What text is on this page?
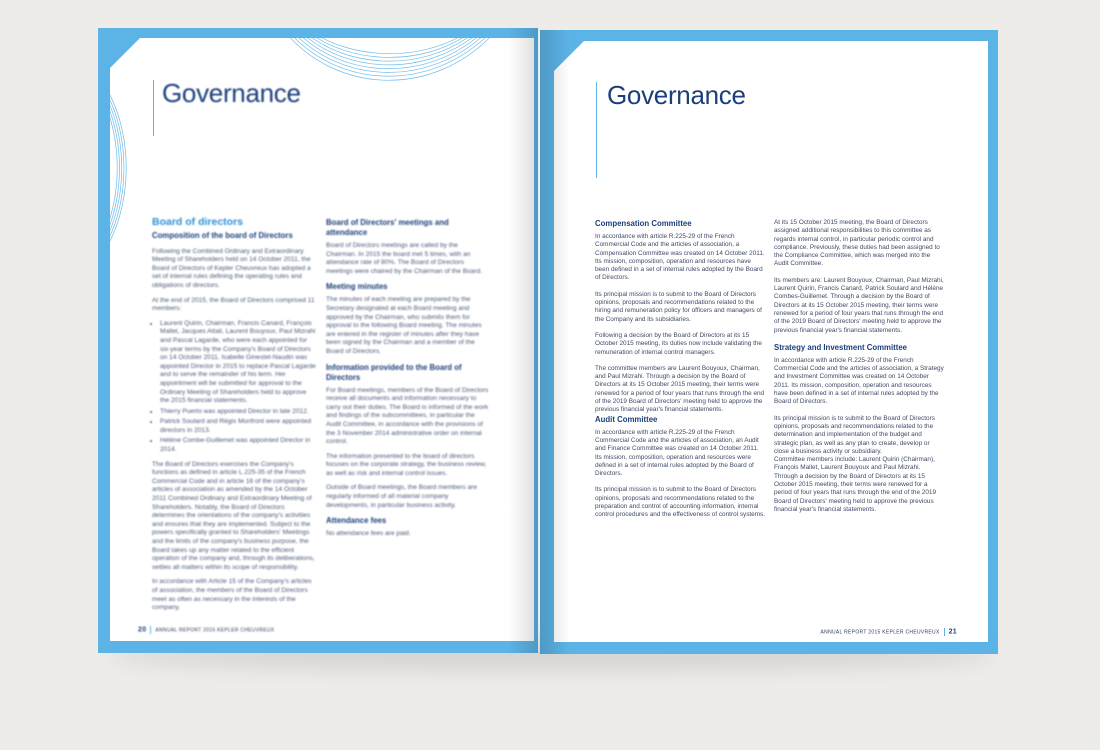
Governance
Board of directors
Composition of the board of Directors

Following the Combined Ordinary and Extraordinary Meeting of Shareholders held on 14 October 2011, the Board of Directors of Kepler Cheuvreux has adopted a set of internal rules defining the operating rules and obligations of directors.

At the end of 2015, the Board of Directors comprised 11 members:

• Laurent Quirin, Chairman, Francis Canard, François Mallet, Jacques Attali, Laurent Bouyoux, Paul Mizrahi and Pascal Lagarde, who were each appointed for six-year terms by the Company's Board of Directors on 14 October 2011, Isabelle Ginestet-Naudin was appointed Director in 2015 to replace Pascal Lagarde and to serve the remainder of his term. Her appointment will be submitted for approval to the Ordinary Meeting of Shareholders held to approve the 2015 financial statements.
• Thierry Puerto was appointed Director in late 2012.
• Patrick Soulard and Régis Monfront were appointed directors in 2013.
• Hélène Combe-Guillemet was appointed Director in 2014.

The Board of Directors exercises the Company's functions as defined in article L.225-35 of the French Commercial Code and in article 16 of the company's articles of association as amended by the 14 October 2011 Combined Ordinary and Extraordinary Meeting of Shareholders. Notably, the Board of Directors determines the orientations of the company's activities and ensures that they are implemented. Subject to the powers specifically granted to Shareholders' Meetings and the limits of the company's business purpose, the Board takes up any matter related to the efficient operation of the company and, through its deliberations, settles all matters within its scope of responsibility.

In accordance with Article 15 of the Company's articles of association, the members of the Board of Directors meet as often as necessary in the interests of the company.

Board of Directors' meetings and attendance

Board of Directors meetings are called by the Chairman. In 2015 the board met 5 times, with an attendance rate of 80%. The Board of Directors meetings were chaired by the Chairman of the Board.

Meeting minutes

The minutes of each meeting are prepared by the Secretary designated at each Board meeting and approved by the Chairman, who submits them for approval to the following Board meeting. The minutes are entered in the register of minutes after they have been signed by the Chairman and a member of the Board of Directors.

Information provided to the Board of Directors

For Board meetings, members of the Board of Directors receive all documents and information necessary to carry out their duties. The Board is informed of the work and findings of the subcommittees, in particular the Audit Committee, in accordance with the provisions of the 3 November 2014 administrative order on internal control.

The information presented to the board of directors focuses on the corporate strategy, the business review, as well as risk and internal control issues.

Outside of Board meetings, the Board members are regularly informed of all material company developments, in particular business activity.

Attendance fees

No attendance fees are paid.

20 ANNUAL REPORT 2015 KEPLER CHEUVREUX
Governance
Compensation Committee

In accordance with article R.225-29 of the French Commercial Code and the articles of association, a Compensation Committee was created on 14 October 2011. Its mission, composition, operation and resources have been defined in a set of internal rules adopted by the Board of Directors.

Its principal mission is to submit to the Board of Directors opinions, proposals and recommendations related to the hiring and remuneration policy for officers and managers of the Company and its subsidiaries.

Following a decision by the Board of Directors at its 15 October 2015 meeting, its duties now include validating the remuneration of internal control managers.

The committee members are Laurent Bouyoux, Chairman, and Paul Mizrahi. Through a decision by the Board of Directors at its 15 October 2015 meeting, their terms were renewed for a period of four years that runs through the end of the 2019 Board of Directors' meeting held to approve the previous financial year's financial statements.

Audit Committee

In accordance with article R.225-29 of the French Commercial Code and the articles of association, an Audit and Finance Committee was created on 14 October 2011. Its mission, composition, operation and resources were defined in a set of internal rules adopted by the Board of Directors.

Its principal mission is to submit to the Board of Directors opinions, proposals and recommendations related to the preparation and control of accounting information, internal control procedures and the effectiveness of control systems.

At its 15 October 2015 meeting, the Board of Directors assigned additional responsibilities to this committee as regards internal control, in particular periodic control and compliance. Previously, these duties had been assigned to the Compliance Committee, which was merged into the Audit Committee.

Its members are: Laurent Bouyoux, Chairman, Paul Mizrahi, Laurent Quirin, Francis Canard, Patrick Soulard and Hélène Combes-Guillemet. Through a decision by the Board of Directors at its 15 October 2015 meeting, their terms were renewed for a period of four years that runs through the end of the 2019 Board of Directors' meeting held to approve the previous financial year's financial statements.

Strategy and Investment Committee

In accordance with article R.225-29 of the French Commercial Code and the articles of association, a Strategy and Investment Committee was created on 14 October 2011. Its mission, composition, operation and resources have been defined in a set of internal rules adopted by the Board of Directors.

Its principal mission is to submit to the Board of Directors opinions, proposals and recommendations related to the determination and implementation of the budget and strategic plan, as well as any plan to create, develop or close a business activity or subsidiary.

Committee members include: Laurent Quirin (Chairman), François Mallet, Laurent Bouyoux and Paul Mizrahi. Through a decision by the Board of Directors at its 15 October 2015 meeting, their terms were renewed for a period of four years that runs through the end of the 2019 Board of Directors' meeting held to approve the previous financial year's financial statements.

ANNUAL REPORT 2015 KEPLER CHEUVREUX 21
